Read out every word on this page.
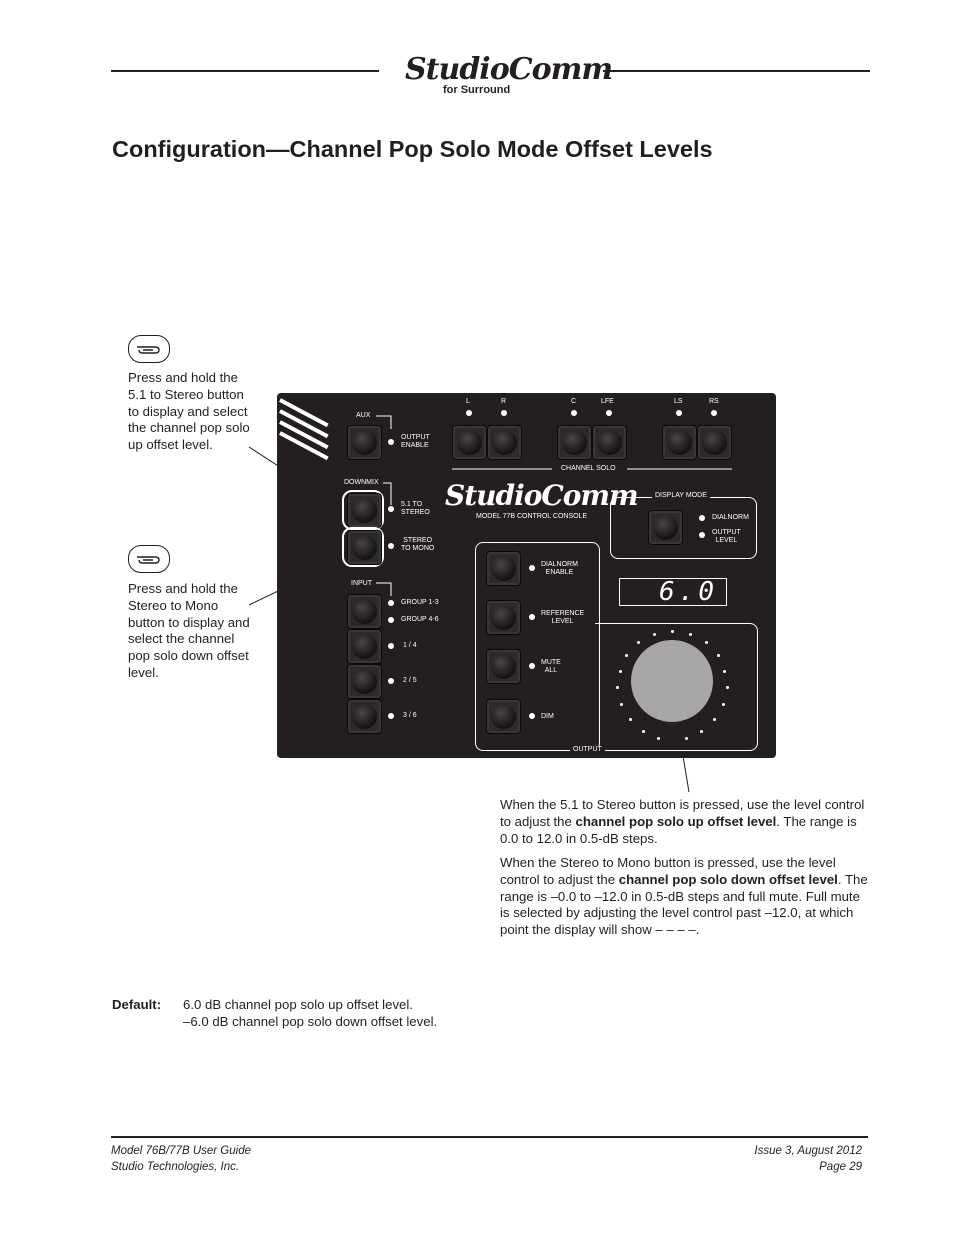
StudioComm
for Surround
Configuration—Channel Pop Solo Mode Offset Levels
Press and hold the 5.1 to Stereo button to display and select the channel pop solo up offset level.
Press and hold the Stereo to Mono button to display and select the channel pop solo down offset level.
AUX
OUTPUT
ENABLE
L	R	C	LFE	LS	RS
CHANNEL SOLO
DOWNMIX
5.1 TO
STEREO
STEREO
TO MONO
StudioComm
MODEL 77B CONTROL CONSOLE
DISPLAY MODE
DIALNORM
OUTPUT
LEVEL
6.0
INPUT
GROUP 1-3
GROUP 4-6
1 / 4
2 / 5
3 / 6
OUTPUT
DIALNORM
ENABLE
REFERENCE
LEVEL
MUTE
ALL
DIM
When the 5.1 to Stereo button is pressed, use the level control to adjust the channel pop solo up offset level. The range is 0.0 to 12.0 in 0.5-dB steps.
When the Stereo to Mono button is pressed, use the level control to adjust the channel pop solo down offset level. The range is –0.0 to –12.0 in 0.5-dB steps and full mute. Full mute is selected by adjusting the level control past –12.0, at which point the display will show – – – –.
Default: 6.0 dB channel pop solo up offset level.
–6.0 dB channel pop solo down offset level.
Model 76B/77B User Guide
Studio Technologies, Inc.
Issue 3, August 2012
Page 29
